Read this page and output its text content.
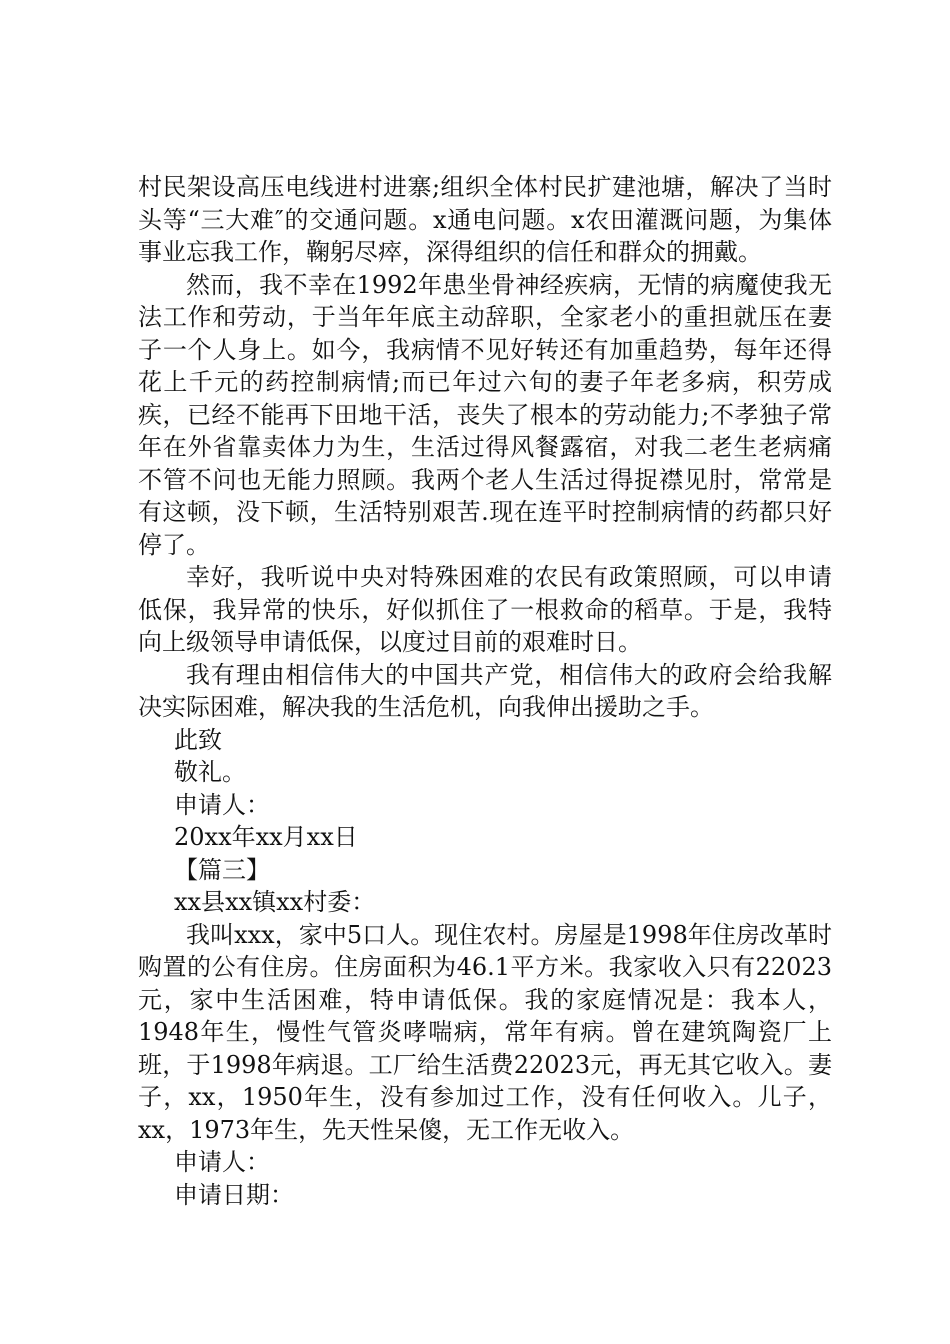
村民架设高压电线进村进寨;组织全体村民扩建池塘，解决了当时头等“三大难″的交通问题。x通电问题。x农田灌溉问题，为集体事业忘我工作，鞠躬尽瘁，深得组织的信任和群众的拥戴。

然而，我不幸在1992年患坐骨神经疾病，无情的病魔使我无法工作和劳动，于当年年底主动辞职，全家老小的重担就压在妻子一个人身上。如今，我病情不见好转还有加重趋势，每年还得花上千元的药控制病情;而已年过六旬的妻子年老多病，积劳成疾，已经不能再下田地干活，丧失了根本的劳动能力;不孝独子常年在外省靠卖体力为生，生活过得风餐露宿，对我二老生老病痛不管不问也无能力照顾。我两个老人生活过得捉襟见肘，常常是有这顿，没下顿，生活特别艰苦.现在连平时控制病情的药都只好停了。

幸好，我听说中央对特殊困难的农民有政策照顾，可以申请低保，我异常的快乐，好似抓住了一根救命的稻草。于是，我特向上级领导申请低保，以度过目前的艰难时日。

我有理由相信伟大的中国共产党，相信伟大的政府会给我解决实际困难，解决我的生活危机，向我伸出援助之手。

此致

敬礼。

申请人：

20xx年xx月xx日

【篇三】

xx县xx镇xx村委：

我叫xxx，家中5口人。现住农村。房屋是1998年住房改革时购置的公有住房。住房面积为46.1平方米。我家收入只有22023元，家中生活困难，特申请低保。我的家庭情况是：我本人，1948年生，慢性气管炎哮喘病，常年有病。曾在建筑陶瓷厂上班，于1998年病退。工厂给生活费22023元，再无其它收入。妻子，xx，1950年生，没有参加过工作，没有任何收入。儿子，xx，1973年生，先天性呆傻，无工作无收入。

申请人：

申请日期：
